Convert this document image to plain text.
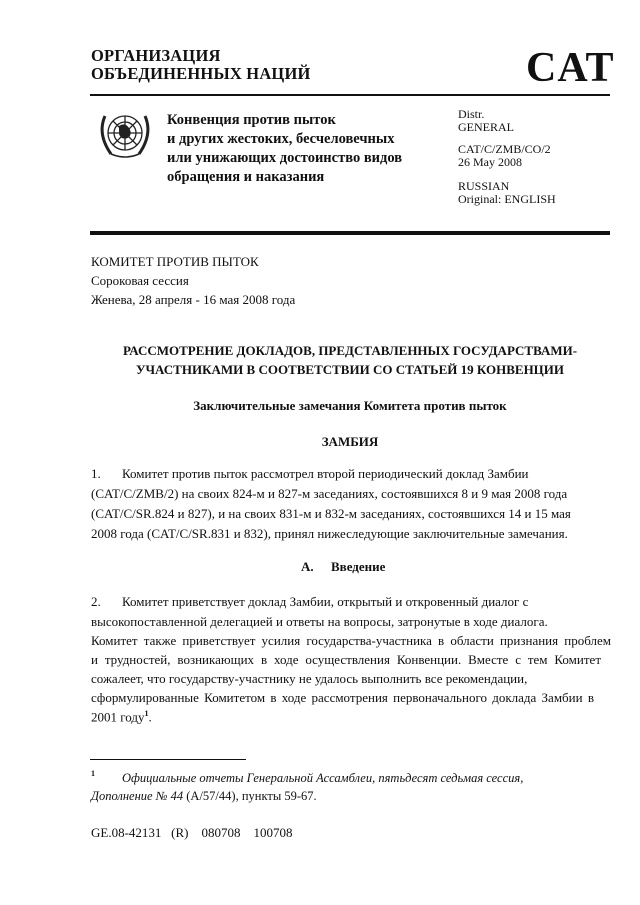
ОРГАНИЗАЦИЯ
ОБЪЕДИНЕННЫХ НАЦИЙ	CAT
Конвенция против пыток
и других жестоких, бесчеловечных
или унижающих достоинство видов
обращения и наказания
Distr.
GENERAL
CAT/C/ZMB/CO/2
26 May 2008
RUSSIAN
Original: ENGLISH
КОМИТЕТ ПРОТИВ ПЫТОК
Сороковая сессия
Женева, 28 апреля - 16 мая 2008 года
РАССМОТРЕНИЕ ДОКЛАДОВ, ПРЕДСТАВЛЕННЫХ ГОСУДАРСТВАМИ-
УЧАСТНИКАМИ В СООТВЕТСТВИИ СО СТАТЬЕЙ 19 КОНВЕНЦИИ
Заключительные замечания Комитета против пыток
ЗАМБИЯ
1. Комитет против пыток рассмотрел второй периодический доклад Замбии
(CAT/C/ZMB/2) на своих 824-м и 827-м заседаниях, состоявшихся 8 и 9 мая 2008 года
(CAT/C/SR.824 и 827), и на своих 831-м и 832-м заседаниях, состоявшихся 14 и 15 мая
2008 года (CAT/C/SR.831 и 832), принял нижеследующие заключительные замечания.
A. Введение
2. Комитет приветствует доклад Замбии, открытый и откровенный диалог с
высокопоставленной делегацией и ответы на вопросы, затронутые в ходе диалога.
Комитет также приветствует усилия государства-участника в области признания проблем
и трудностей, возникающих в ходе осуществления Конвенции. Вместе с тем Комитет
сожалеет, что государству-участнику не удалось выполнить все рекомендации,
сформулированные Комитетом в ходе рассмотрения первоначального доклада Замбии в
2001 году$^1$.
1 Официальные отчеты Генеральной Ассамблеи, пятьдесят седьмая сессия,
Дополнение № 44 (A/57/44), пункты 59-67.
GE.08-42131   (R)    080708    100708
